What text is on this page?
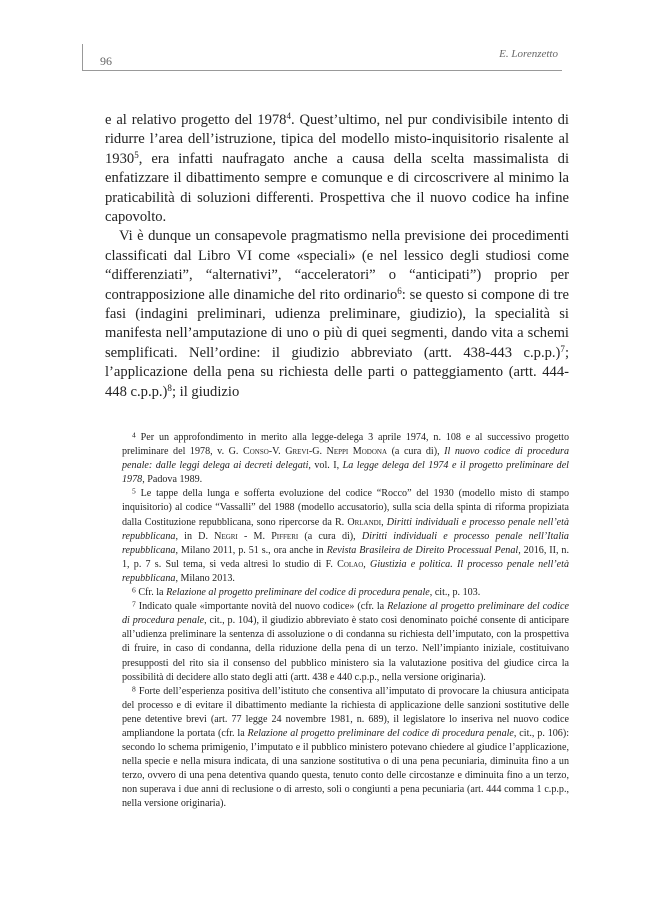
96	E. Lorenzetto

e al relativo progetto del 1978$^4$. Quest’ultimo, nel pur condivisibile intento di ridurre l’area dell’istruzione, tipica del modello misto-inquisitorio risalente al 1930$^5$, era infatti naufragato anche a causa della scelta massimalista di enfatizzare il dibattimento sempre e comunque e di circoscrivere al minimo la praticabilità di soluzioni differenti. Prospettiva che il nuovo codice ha infine capovolto.

Vi è dunque un consapevole pragmatismo nella previsione dei procedimenti classificati dal Libro VI come «speciali» (e nel lessico degli studiosi come “differenziati”, “alternativi”, “acceleratori” o “anticipati”) proprio per contrapposizione alle dinamiche del rito ordinario$^6$: se questo si compone di tre fasi (indagini preliminari, udienza preliminare, giudizio), la specialità si manifesta nell’amputazione di uno o più di quei segmenti, dando vita a schemi semplificati. Nell’ordine: il giudizio abbreviato (artt. 438-443 c.p.p.)$^7$; l’applicazione della pena su richiesta delle parti o patteggiamento (artt. 444-448 c.p.p.)$^8$; il giudizio

$^4$ Per un approfondimento in merito alla legge-delega 3 aprile 1974, n. 108 e al successivo progetto preliminare del 1978, v. G. Conso-V. Grevi-G. Neppi Modona (a cura di), Il nuovo codice di procedura penale: dalle leggi delega ai decreti delegati, vol. I, La legge delega del 1974 e il progetto preliminare del 1978, Padova 1989.

$^5$ Le tappe della lunga e sofferta evoluzione del codice “Rocco” del 1930 (modello misto di stampo inquisitorio) al codice “Vassalli” del 1988 (modello accusatorio), sulla scia della spinta di riforma propiziata dalla Costituzione repubblicana, sono ripercorse da R. Orlandi, Diritti individuali e processo penale nell’età repubblicana, in D. Negri - M. Pifferi (a cura di), Diritti individuali e processo penale nell’Italia repubblicana, Milano 2011, p. 51 s., ora anche in Revista Brasileira de Direito Processual Penal, 2016, II, n. 1, p. 7 s. Sul tema, si veda altresì lo studio di F. Colao, Giustizia e politica. Il processo penale nell’età repubblicana, Milano 2013.

$^6$ Cfr. la Relazione al progetto preliminare del codice di procedura penale, cit., p. 103.

$^7$ Indicato quale «importante novità del nuovo codice» (cfr. la Relazione al progetto preliminare del codice di procedura penale, cit., p. 104), il giudizio abbreviato è stato così denominato poiché consente di anticipare all’udienza preliminare la sentenza di assoluzione o di condanna su richiesta dell’imputato, con la prospettiva di fruire, in caso di condanna, della riduzione della pena di un terzo. Nell’impianto iniziale, costituivano presupposti del rito sia il consenso del pubblico ministero sia la valutazione positiva del giudice circa la possibilità di decidere allo stato degli atti (artt. 438 e 440 c.p.p., nella versione originaria).

$^8$ Forte dell’esperienza positiva dell’istituto che consentiva all’imputato di provocare la chiusura anticipata del processo e di evitare il dibattimento mediante la richiesta di applicazione delle sanzioni sostitutive delle pene detentive brevi (art. 77 legge 24 novembre 1981, n. 689), il legislatore lo inseriva nel nuovo codice ampliandone la portata (cfr. la Relazione al progetto preliminare del codice di procedura penale, cit., p. 106): secondo lo schema primigenio, l’imputato e il pubblico ministero potevano chiedere al giudice l’applicazione, nella specie e nella misura indicata, di una sanzione sostitutiva o di una pena pecuniaria, diminuita fino a un terzo, ovvero di una pena detentiva quando questa, tenuto conto delle circostanze e diminuita fino a un terzo, non superava i due anni di reclusione o di arresto, soli o congiunti a pena pecuniaria (art. 444 comma 1 c.p.p., nella versione originaria).
